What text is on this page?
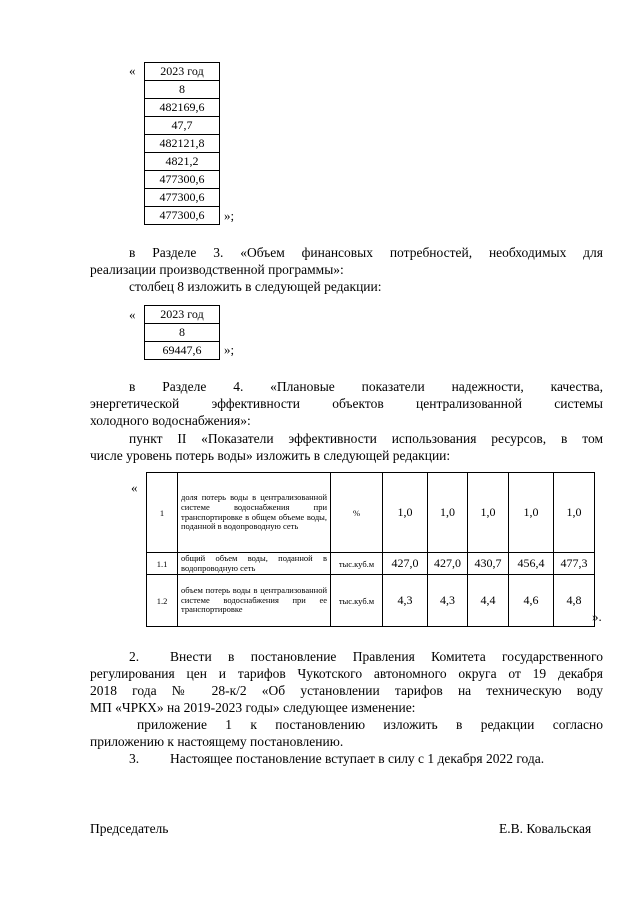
« 2023 год
8
482169,6
47,7
482121,8
4821,2
477300,6
477300,6
477300,6 »;
в Разделе 3. «Объем финансовых потребностей, необходимых для
реализации производственной программы»:
столбец 8 изложить в следующей редакции:
« 2023 год
8
69447,6 »;
в Разделе 4. «Плановые показатели надежности, качества,
энергетической эффективности объектов централизованной системы
холодного водоснабжения»:
пункт II «Показатели эффективности использования ресурсов, в том
числе уровень потерь воды» изложить в следующей редакции:
«
1	доля потерь воды в централизованной системе водоснабжения при транспортировке в общем объеме воды, поданной в водопроводную сеть	%	1,0	1,0	1,0	1,0	1,0
1.1	общий объем воды, поданной в водопроводную сеть	тыс.куб.м	427,0	427,0	430,7	456,4	477,3
1.2	объем потерь воды в централизованной системе водоснабжения при ее транспортировке	тыс.куб.м	4,3	4,3	4,4	4,6	4,8
».
2. Внести в постановление Правления Комитета государственного
регулирования цен и тарифов Чукотского автономного округа от 19 декабря
2018 года № 28-к/2 «Об установлении тарифов на техническую воду
МП «ЧРКХ» на 2019-2023 годы» следующее изменение:
приложение 1 к постановлению изложить в редакции согласно
приложению к настоящему постановлению.
3. Настоящее постановление вступает в силу с 1 декабря 2022 года.
Председатель	Е.В. Ковальская
